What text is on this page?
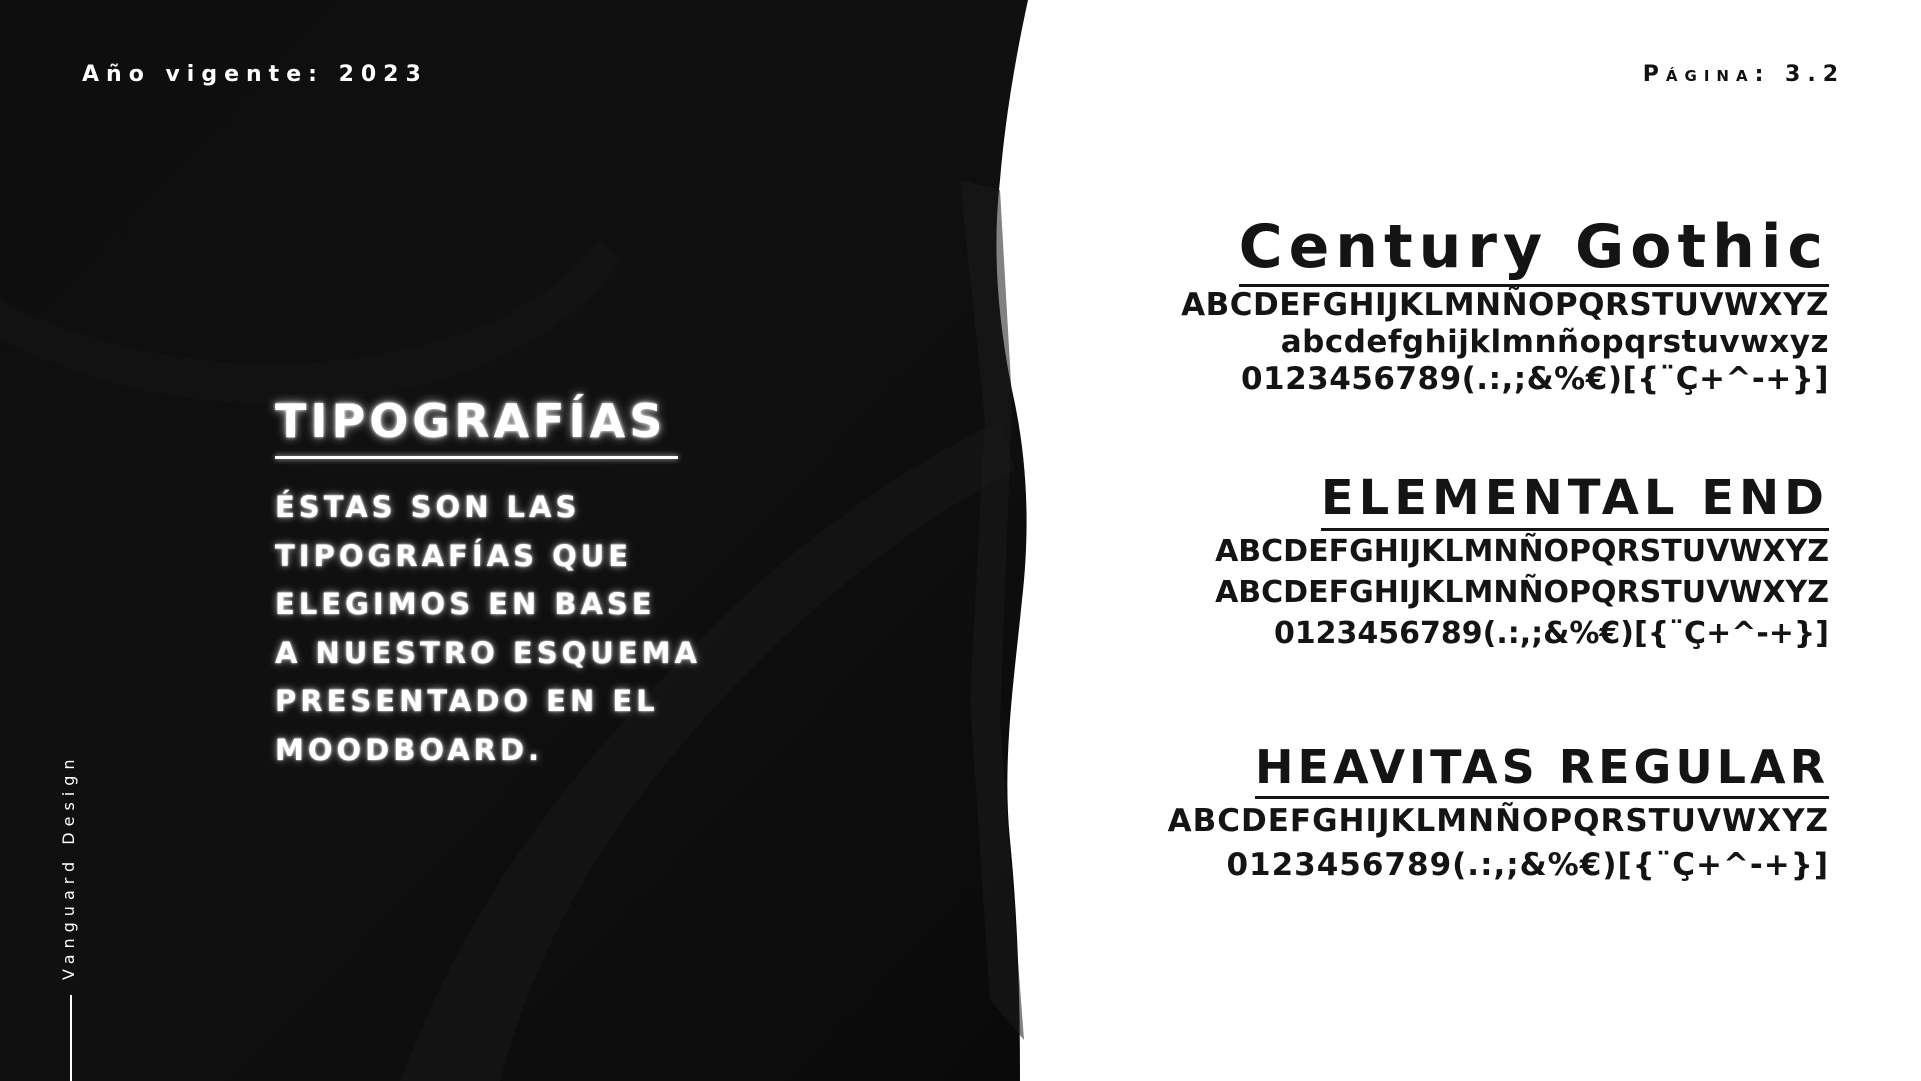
Año vigente: 2023	Página: 3.2
TIPOGRAFÍAS
ÉSTAS SON LAS
TIPOGRAFÍAS QUE
ELEGIMOS EN BASE
A NUESTRO ESQUEMA
PRESENTADO EN EL
MOODBOARD.
Vanguard Design
Century Gothic
ABCDEFGHIJKLMNÑOPQRSTUVWXYZ
abcdefghijklmnñopqrstuvwxyz
0123456789(.:,;&%€)[{¨Ç+^-+}]
ELEMENTAL END
ABCDEFGHIJKLMNÑOPQRSTUVWXYZ
ABCDEFGHIJKLMNÑOPQRSTUVWXYZ
0123456789(.:,;&%€)[{¨Ç+^-+}]
HEAVITAS REGULAR
ABCDEFGHIJKLMNÑOPQRSTUVWXYZ
0123456789(.:,;&%€)[{¨Ç+^-+}]
